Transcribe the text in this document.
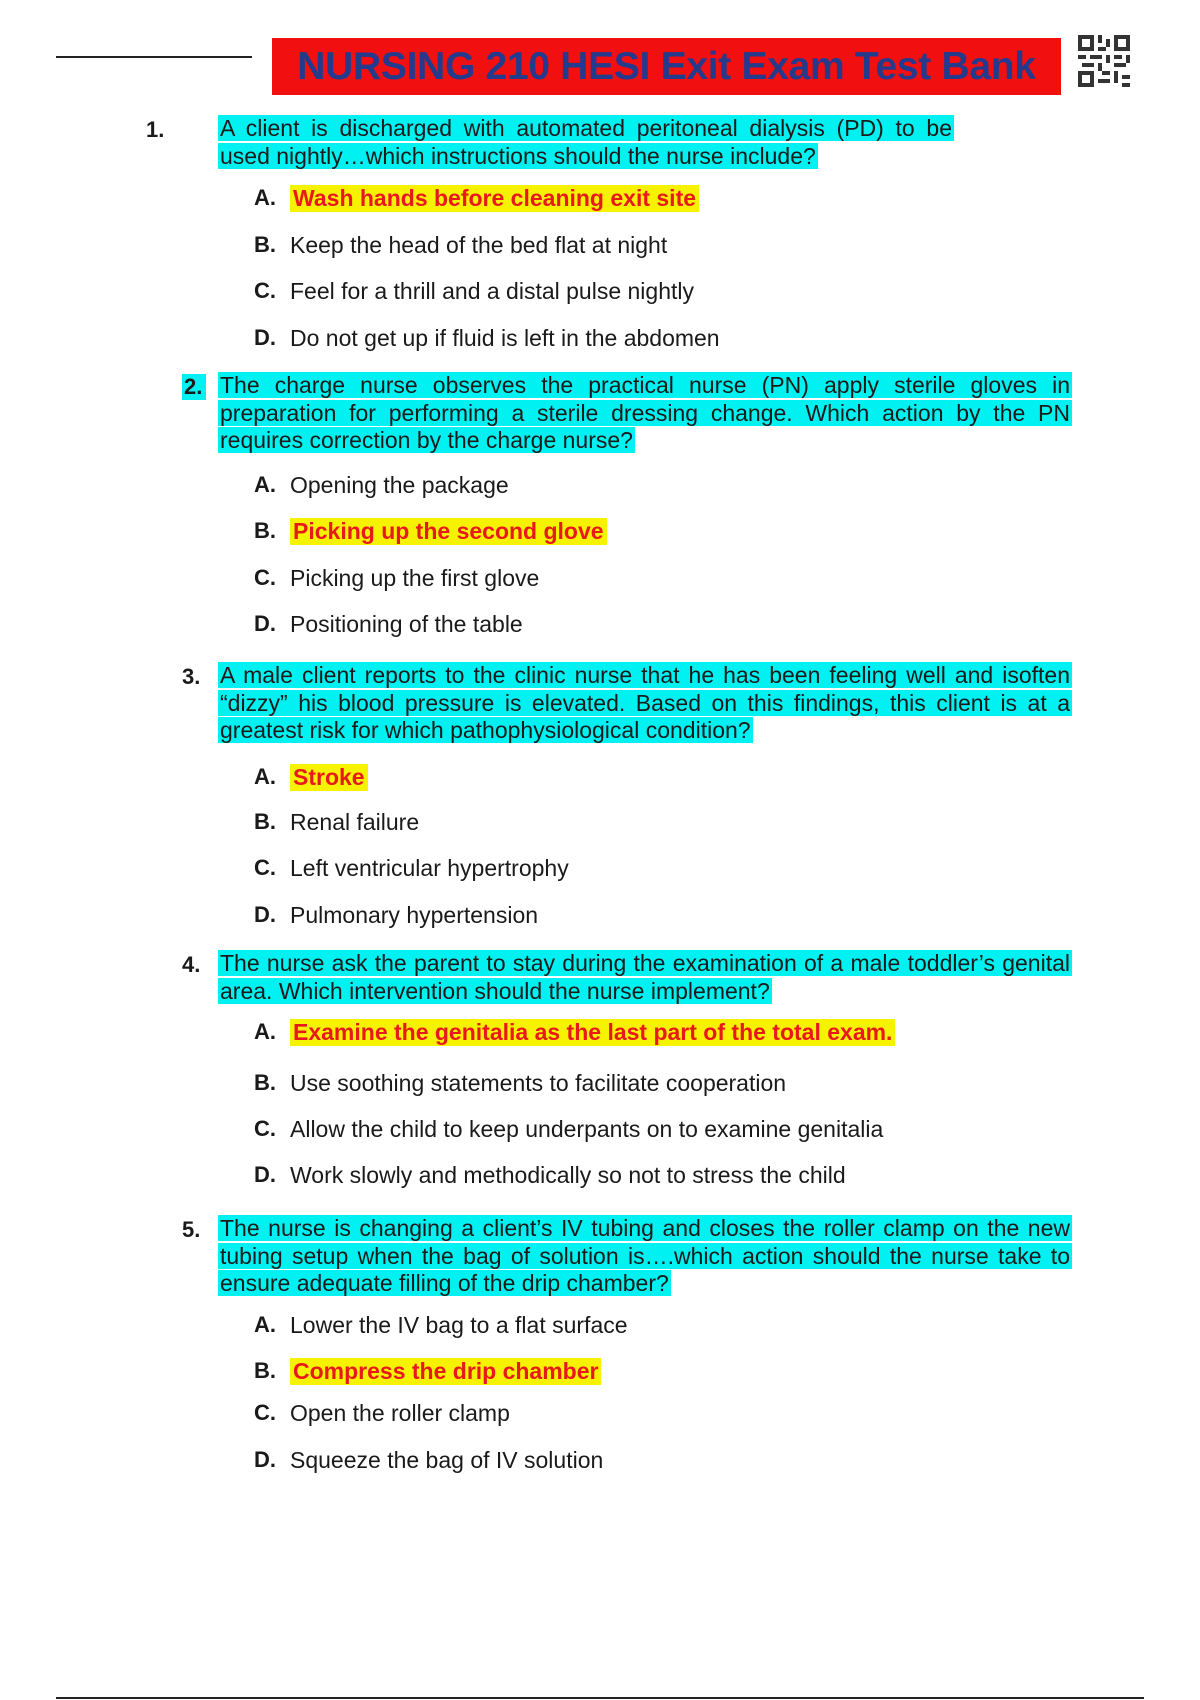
NURSING 210 HESI Exit Exam Test Bank
1. A client is discharged with automated peritoneal dialysis (PD) to be used nightly…which instructions should the nurse include?
A. Wash hands before cleaning exit site
B. Keep the head of the bed flat at night
C. Feel for a thrill and a distal pulse nightly
D. Do not get up if fluid is left in the abdomen
2. The charge nurse observes the practical nurse (PN) apply sterile gloves in preparation for performing a sterile dressing change. Which action by the PN requires correction by the charge nurse?
A. Opening the package
B. Picking up the second glove
C. Picking up the first glove
D. Positioning of the table
3. A male client reports to the clinic nurse that he has been feeling well and isoften “dizzy” his blood pressure is elevated. Based on this findings, this client is at a greatest risk for which pathophysiological condition?
A. Stroke
B. Renal failure
C. Left ventricular hypertrophy
D. Pulmonary hypertension
4. The nurse ask the parent to stay during the examination of a male toddler’s genital area. Which intervention should the nurse implement?
A. Examine the genitalia as the last part of the total exam.
B. Use soothing statements to facilitate cooperation
C. Allow the child to keep underpants on to examine genitalia
D. Work slowly and methodically so not to stress the child
5. The nurse is changing a client’s IV tubing and closes the roller clamp on the new tubing setup when the bag of solution is….which action should the nurse take to ensure adequate filling of the drip chamber?
A. Lower the IV bag to a flat surface
B. Compress the drip chamber
C. Open the roller clamp
D. Squeeze the bag of IV solution
